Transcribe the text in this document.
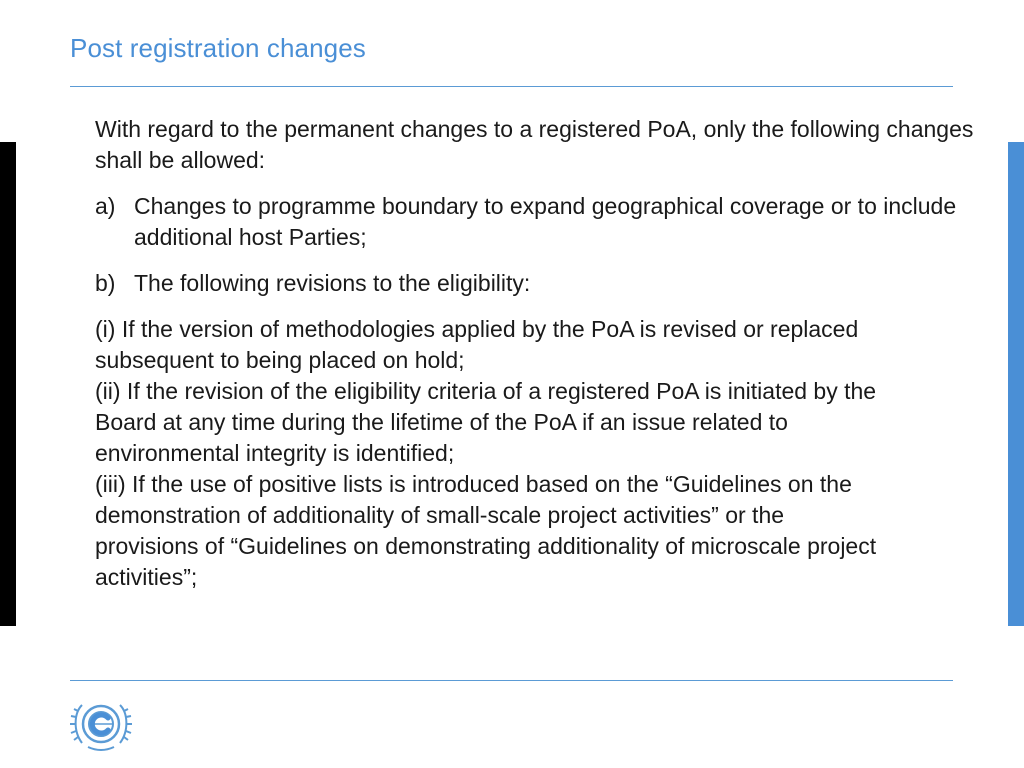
Post registration changes

With regard to the permanent changes to a registered PoA, only the following changes shall be allowed:

a) Changes to programme boundary to expand geographical coverage or to include additional host Parties;
b) The following revisions to the eligibility:

(i) If the version of methodologies applied by the PoA is revised or replaced subsequent to being placed on hold;

(ii) If the revision of the eligibility criteria of a registered PoA is initiated by the Board at any time during the lifetime of the PoA if an issue related to environmental integrity is identified;

(iii) If the use of positive lists is introduced based on the “Guidelines on the demonstration of additionality of small-scale project activities” or the provisions of “Guidelines on demonstrating additionality of microscale project activities”;
